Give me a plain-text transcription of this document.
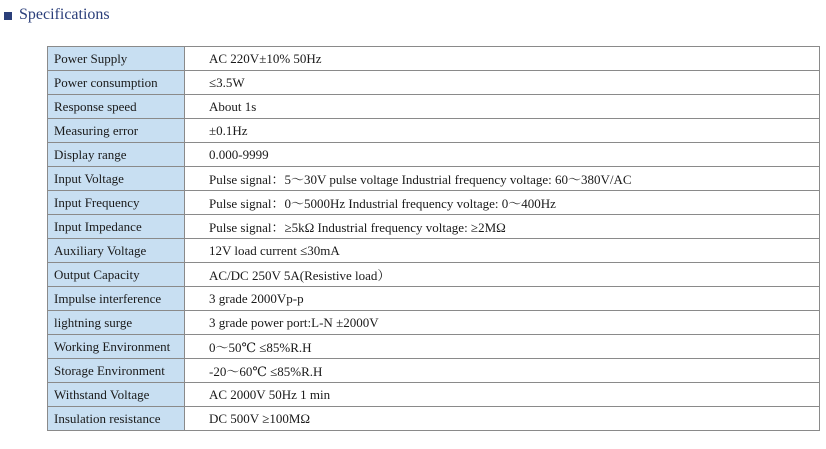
Specifications
Power Supply	AC 220V±10% 50Hz
Power consumption	≤3.5W
Response speed	About 1s
Measuring error	±0.1Hz
Display range	0.000-9999
Input Voltage	Pulse signal：5～30V pulse voltage Industrial frequency voltage: 60～380V/AC
Input Frequency	Pulse signal：0～5000Hz Industrial frequency voltage: 0～400Hz
Input Impedance	Pulse signal：≥5kΩ Industrial frequency voltage: ≥2MΩ
Auxiliary Voltage	12V load current ≤30mA
Output Capacity	AC/DC 250V 5A(Resistive load）
Impulse interference	3 grade 2000Vp-p
lightning surge	3 grade power port:L-N ±2000V
Working Environment	0～50℃ ≤85%R.H
Storage Environment	-20～60℃ ≤85%R.H
Withstand Voltage	AC 2000V 50Hz 1 min
Insulation resistance	DC 500V ≥100MΩ
